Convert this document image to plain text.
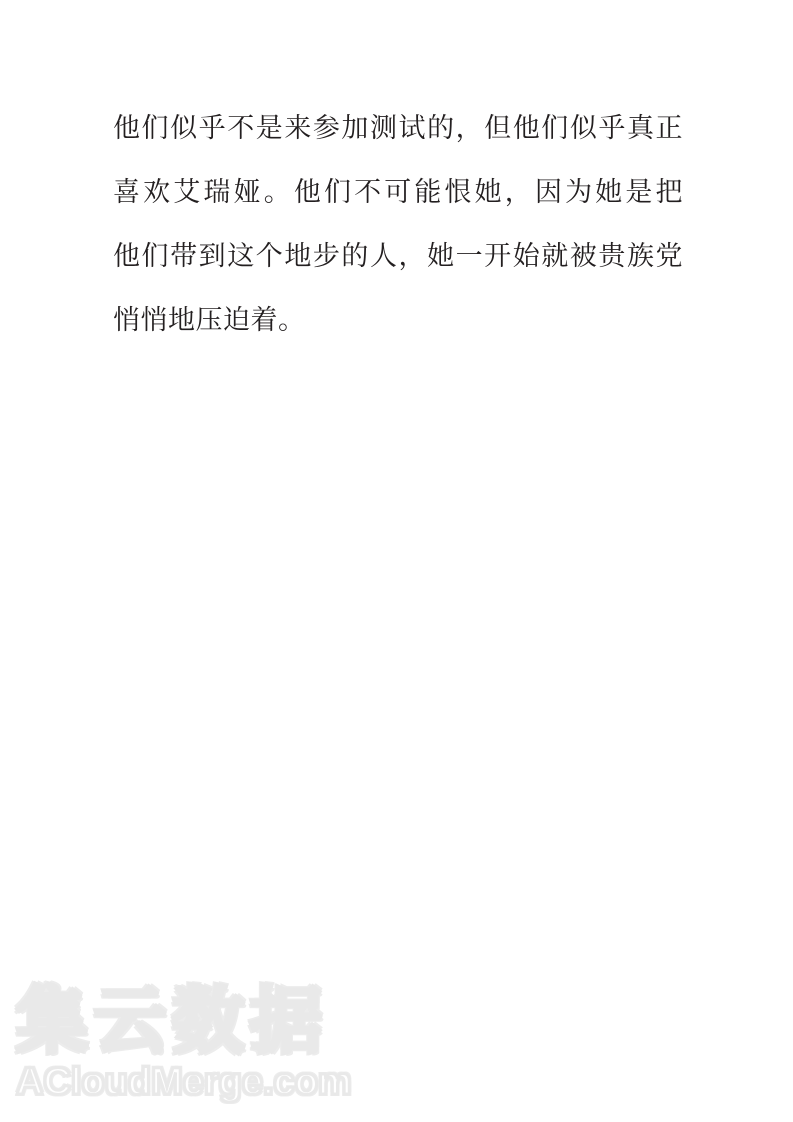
他们似乎不是来参加测试的，但他们似乎真正喜欢艾瑞娅。他们不可能恨她，因为她是把　他们带到这个地步的人，她一开始就被贵族党悄悄地压迫着。
集云数据
ACloudMerge.com
